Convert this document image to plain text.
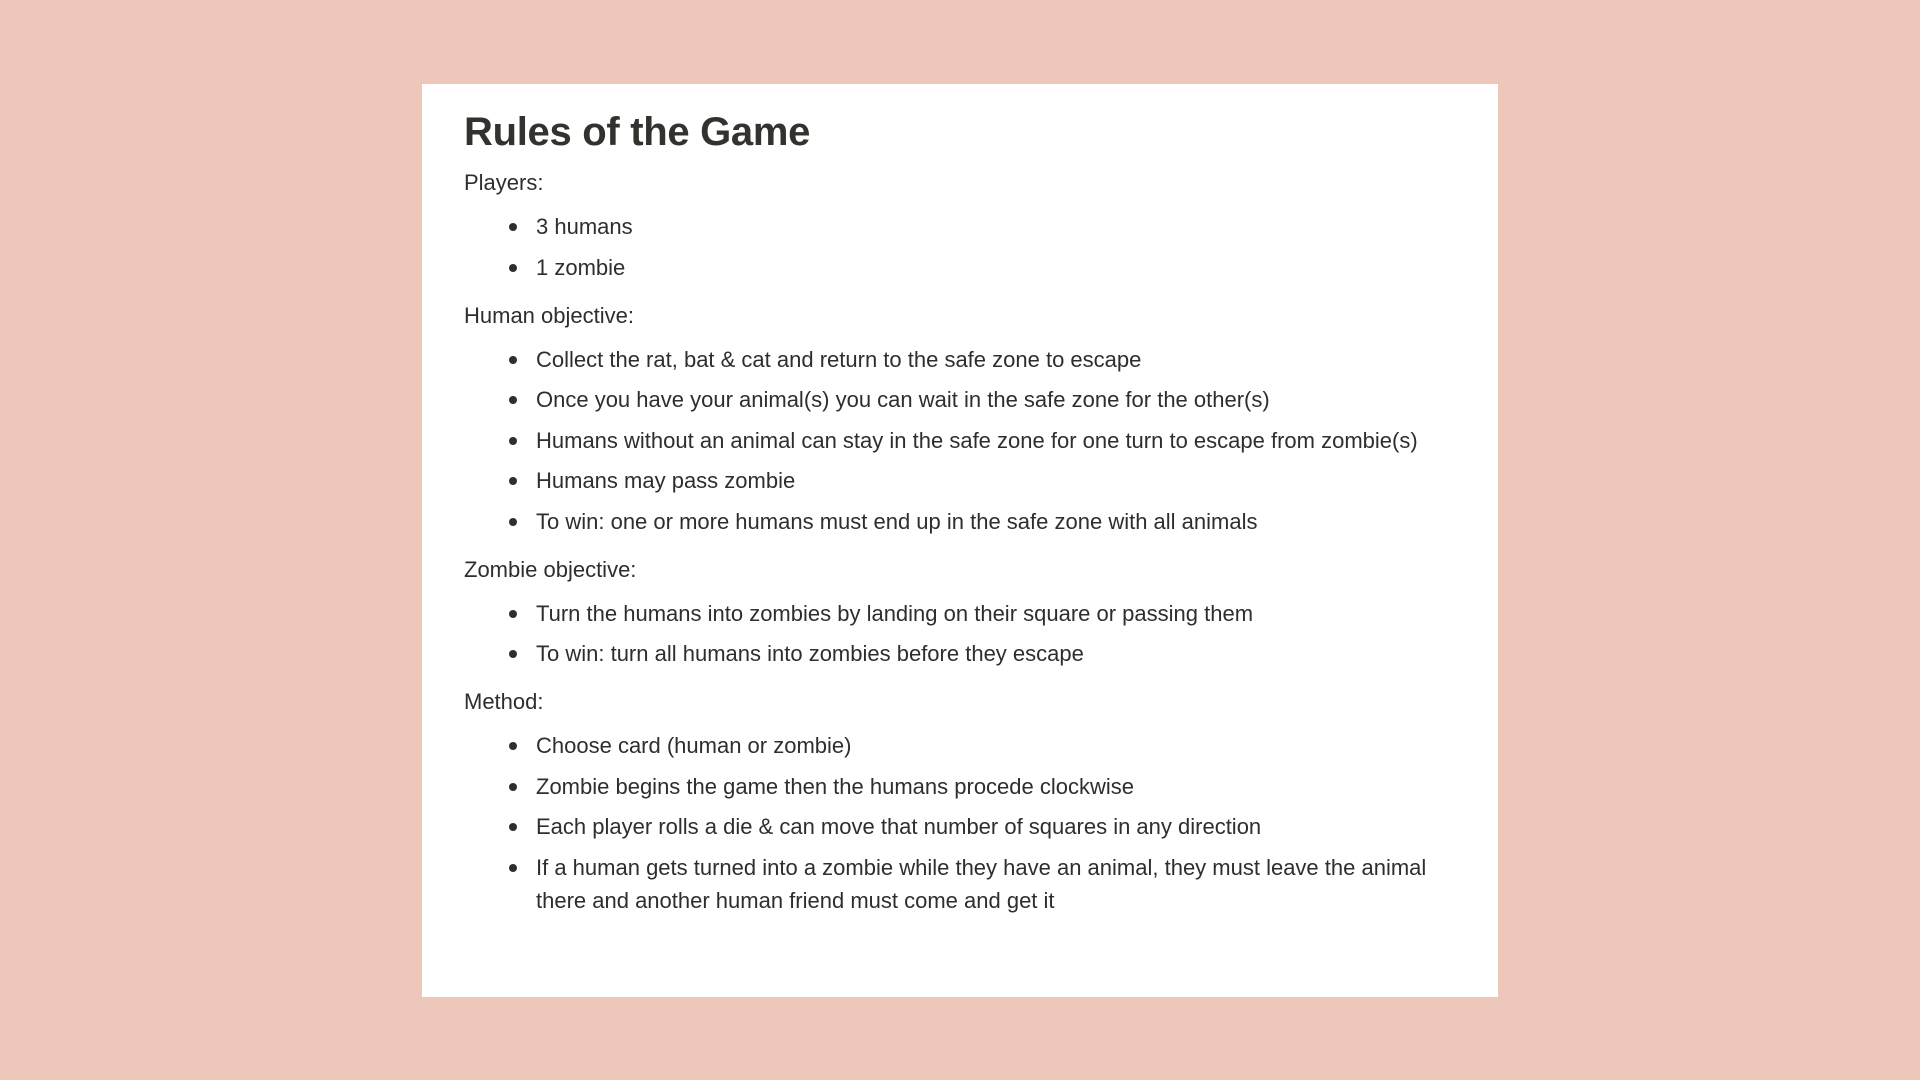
Rules of the Game
Players:
3 humans
1 zombie
Human objective:
Collect the rat, bat & cat and return to the safe zone to escape
Once you have your animal(s) you can wait in the safe zone for the other(s)
Humans without an animal can stay in the safe zone for one turn to escape from zombie(s)
Humans may pass zombie
To win: one or more humans must end up in the safe zone with all animals
Zombie objective:
Turn the humans into zombies by landing on their square or passing them
To win: turn all humans into zombies before they escape
Method:
Choose card (human or zombie)
Zombie begins the game then the humans procede clockwise
Each player rolls a die & can move that number of squares in any direction
If a human gets turned into a zombie while they have an animal, they must leave the animal there and another human friend must come and get it
